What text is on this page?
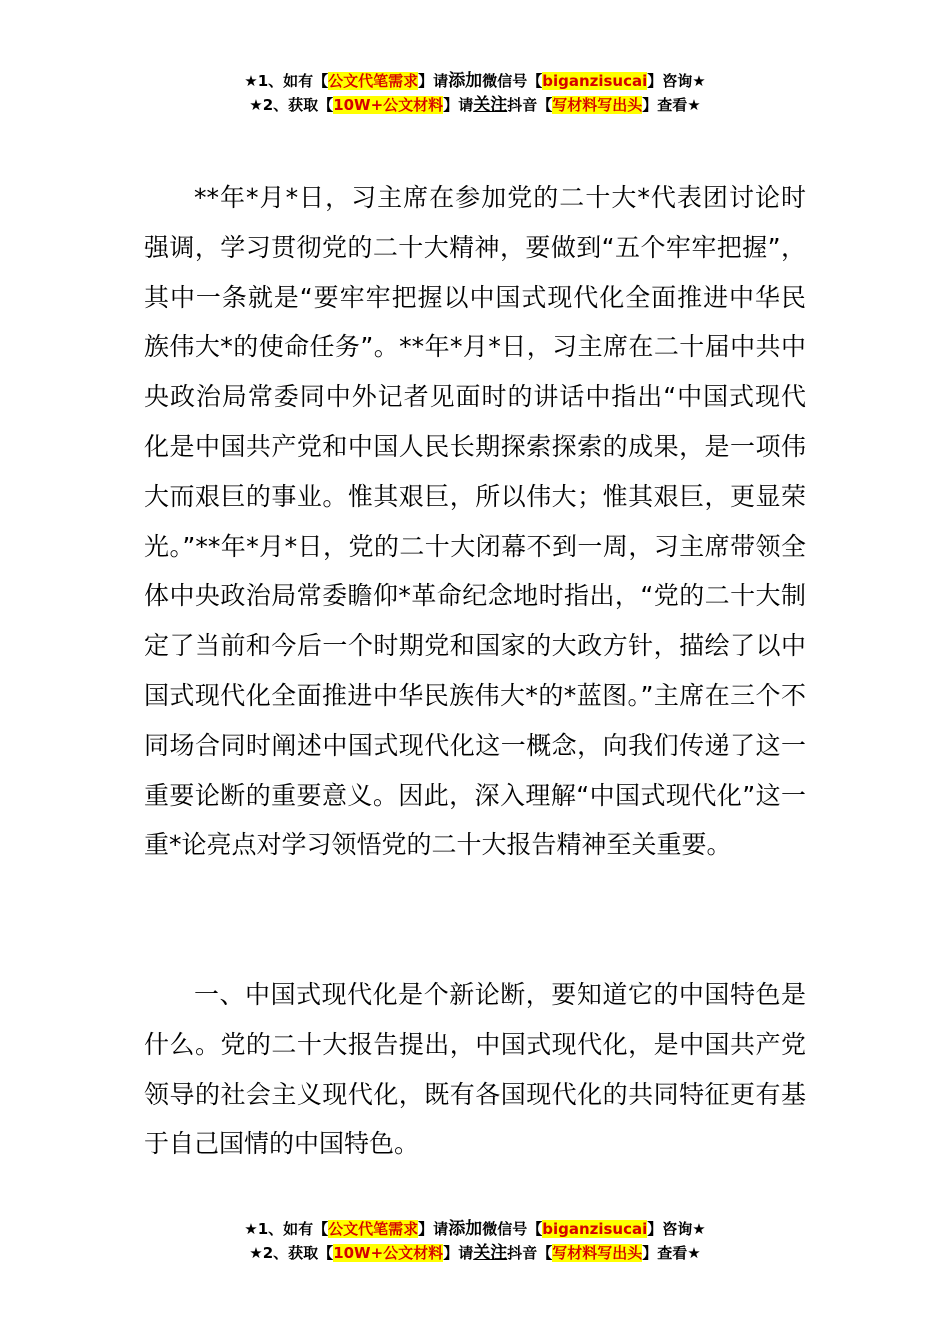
★1、如有【公文代笔需求】请添加微信号【biganzisucai】咨询★
★2、获取【10W+公文材料】请关注抖音【写材料写出头】查看★

**年*月*日，习主席在参加党的二十大*代表团讨论时强调，学习贯彻党的二十大精神，要做到“五个牢牢把握”，其中一条就是“要牢牢把握以中国式现代化全面推进中华民族伟大*的使命任务”。**年*月*日，习主席在二十届中共中央政治局常委同中外记者见面时的讲话中指出“中国式现代化是中国共产党和中国人民长期探索探索的成果，是一项伟大而艰巨的事业。惟其艰巨，所以伟大；惟其艰巨，更显荣光。”**年*月*日，党的二十大闭幕不到一周，习主席带领全体中央政治局常委瞻仰*革命纪念地时指出，“党的二十大制定了当前和今后一个时期党和国家的大政方针，描绘了以中国式现代化全面推进中华民族伟大*的*蓝图。”主席在三个不同场合同时阐述中国式现代化这一概念，向我们传递了这一重要论断的重要意义。因此，深入理解“中国式现代化”这一重*论亮点对学习领悟党的二十大报告精神至关重要。

一、中国式现代化是个新论断，要知道它的中国特色是什么。党的二十大报告提出，中国式现代化，是中国共产党领导的社会主义现代化，既有各国现代化的共同特征更有基于自己国情的中国特色。

★1、如有【公文代笔需求】请添加微信号【biganzisucai】咨询★
★2、获取【10W+公文材料】请关注抖音【写材料写出头】查看★
